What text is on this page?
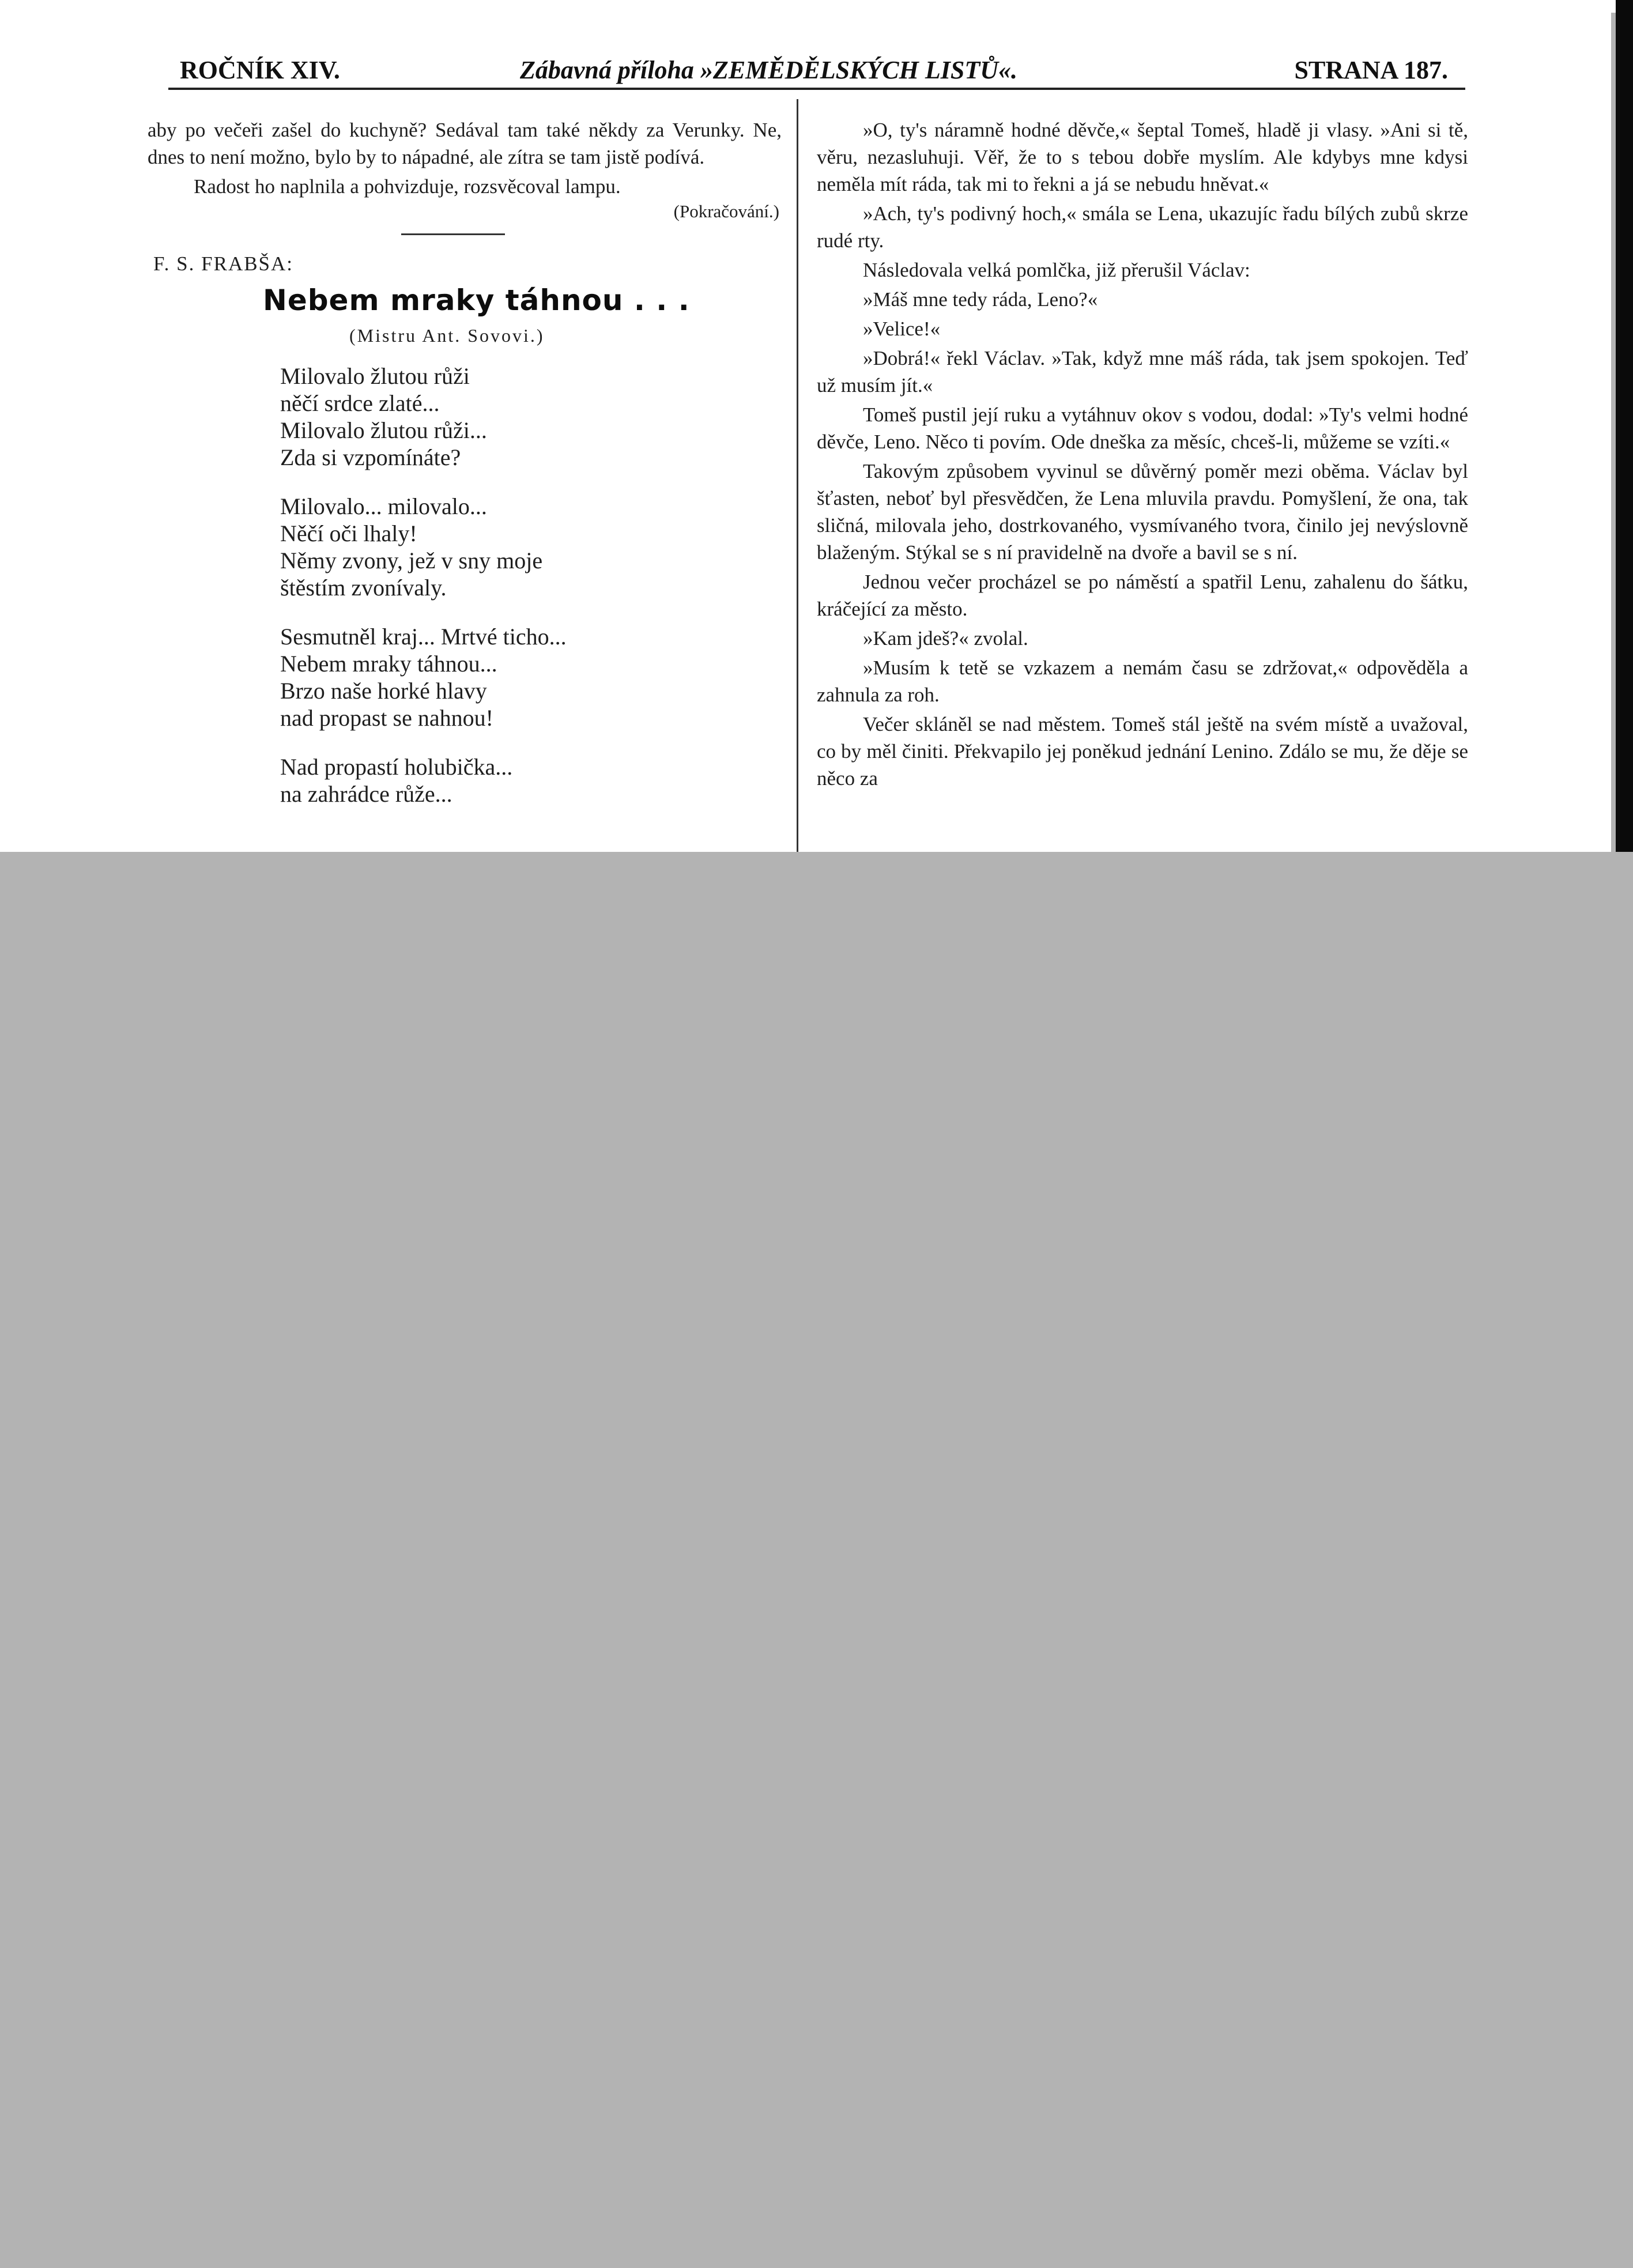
ROČNÍK XIV.	Zábavná příloha »ZEMĚDĚLSKÝCH LISTŮ«.	STRANA 187.

aby po večeři zašel do kuchyně? Sedával tam také někdy za Verunky. Ne, dnes to není možno, bylo by to nápadné, ale zítra se tam jistě podívá.

Radost ho naplnila a pohvizduje, rozsvěcoval lampu.

(Pokračování.)

F. S. FRABŠA:

Nebem mraky táhnou . . .

(Mistru Ant. Sovovi.)

Milovalo žlutou růži

něčí srdce zlaté...

Milovalo žlutou růži...

Zda si vzpomínáte?

Milovalo... milovalo...

Něčí oči lhaly!

Němy zvony, jež v sny moje

štěstím zvonívaly.

Sesmutněl kraj... Mrtvé ticho...

Nebem mraky táhnou...

Brzo naše horké hlavy

nad propast se nahnou!

Nad propastí holubička...

na zahrádce růže...

»O, ty's náramně hodné děvče,« šeptal Tomeš, hladě ji vlasy. »Ani si tě, věru, nezasluhuji. Věř, že to s tebou dobře myslím. Ale kdybys mne kdysi neměla mít ráda, tak mi to řekni a já se nebudu hněvat.«

»Ach, ty's podivný hoch,« smála se Lena, ukazujíc řadu bílých zubů skrze rudé rty.

Následovala velká pomlčka, již přerušil Václav:

»Máš mne tedy ráda, Leno?«

»Velice!«

»Dobrá!« řekl Václav. »Tak, když mne máš ráda, tak jsem spokojen. Teď už musím jít.«

Tomeš pustil její ruku a vytáhnuv okov s vodou, dodal: »Ty's velmi hodné děvče, Leno. Něco ti povím. Ode dneška za měsíc, chceš-li, můžeme se vzíti.«

Takovým způsobem vyvinul se důvěrný poměr mezi oběma. Václav byl šťasten, neboť byl přesvědčen, že Lena mluvila pravdu. Pomyšlení, že ona, tak sličná, milovala jeho, dostrkovaného, vysmívaného tvora, činilo jej nevýslovně blaženým. Stýkal se s ní pravidelně na dvoře a bavil se s ní.

Jednou večer procházel se po náměstí a spatřil Lenu, zahalenu do šátku, kráčející za město.

»Kam jdeš?« zvolal.

»Musím k tetě se vzkazem a nemám času se zdržovat,« odpověděla a zahnula za roh.

Večer skláněl se nad městem. Tomeš stál ještě na svém místě a uvažoval, co by měl činiti. Překvapilo jej poněkud jednání Lenino. Zdálo se mu, že děje se něco za
